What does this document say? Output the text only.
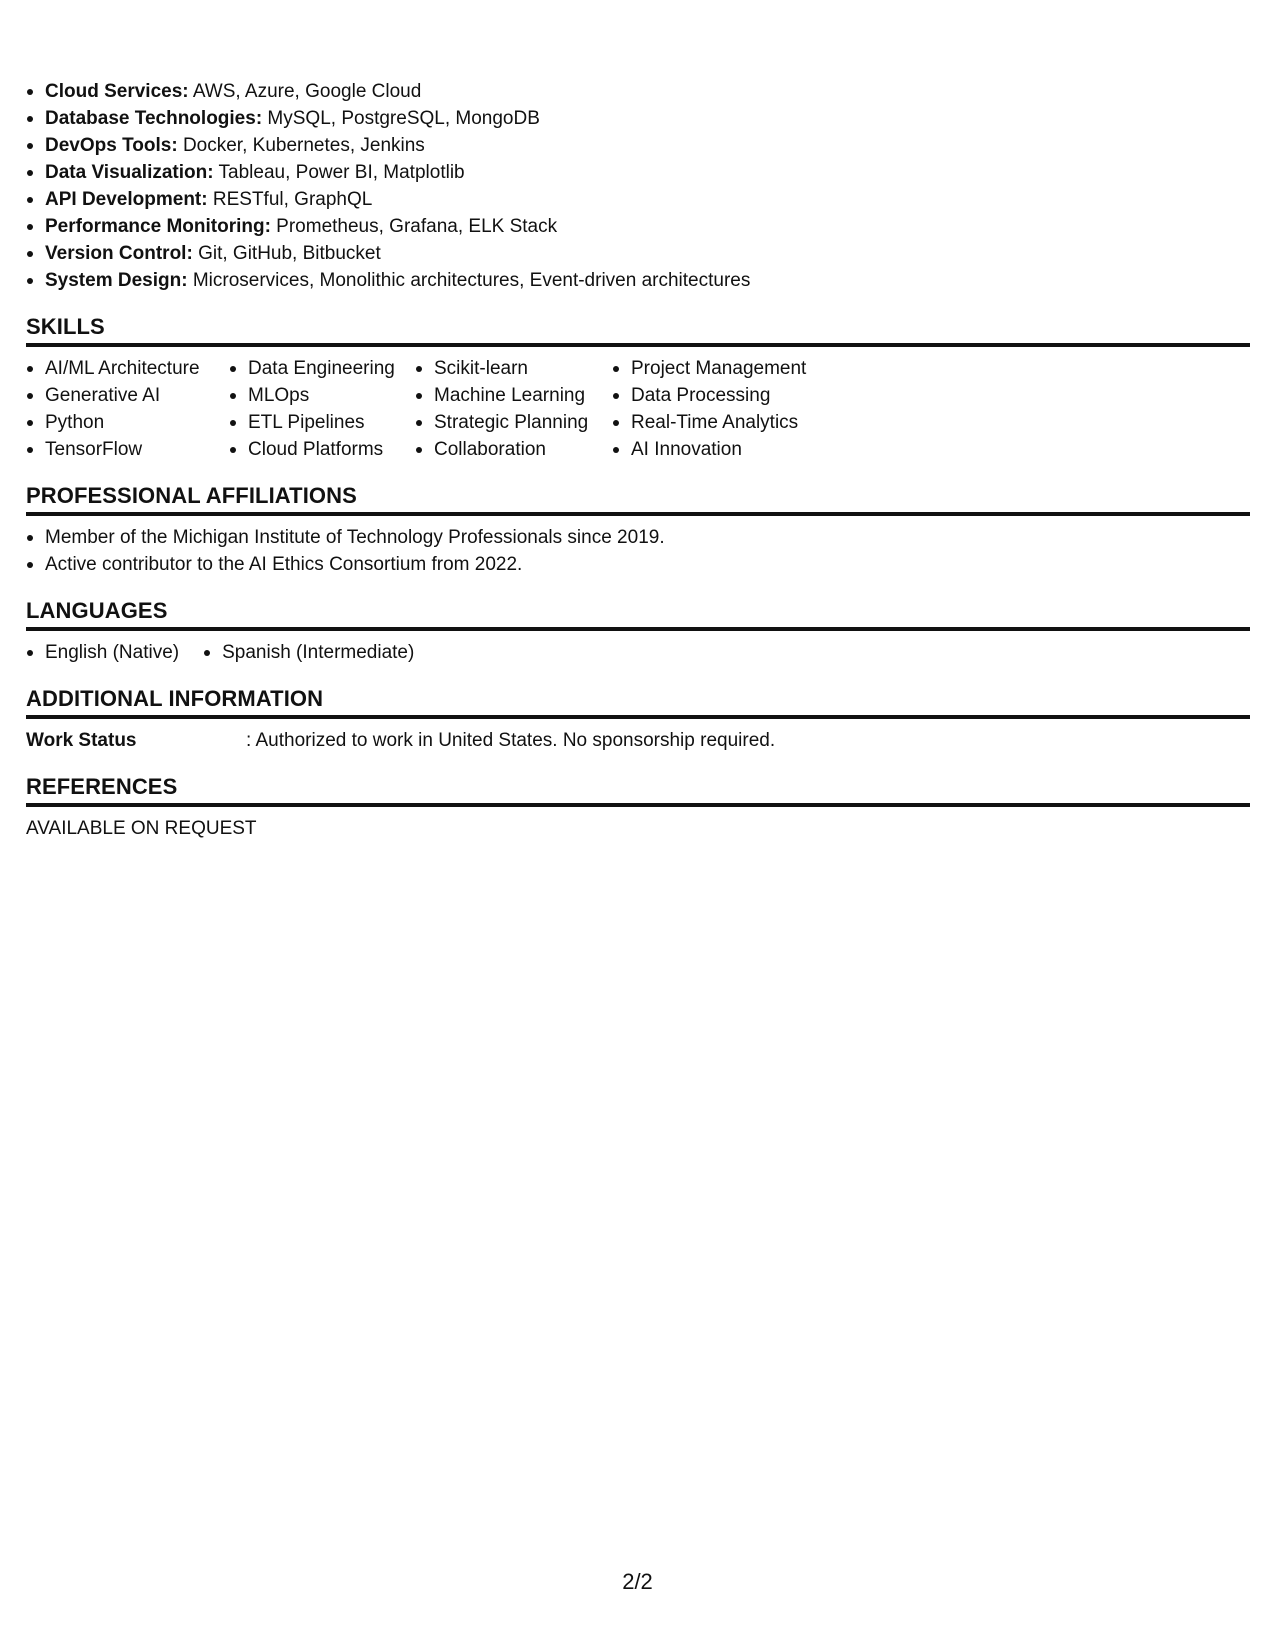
Cloud Services: AWS, Azure, Google Cloud
Database Technologies: MySQL, PostgreSQL, MongoDB
DevOps Tools: Docker, Kubernetes, Jenkins
Data Visualization: Tableau, Power BI, Matplotlib
API Development: RESTful, GraphQL
Performance Monitoring: Prometheus, Grafana, ELK Stack
Version Control: Git, GitHub, Bitbucket
System Design: Microservices, Monolithic architectures, Event-driven architectures
SKILLS
AI/ML Architecture
Generative AI
Python
TensorFlow
Data Engineering
MLOps
ETL Pipelines
Cloud Platforms
Scikit-learn
Machine Learning
Strategic Planning
Collaboration
Project Management
Data Processing
Real-Time Analytics
AI Innovation
PROFESSIONAL AFFILIATIONS
Member of the Michigan Institute of Technology Professionals since 2019.
Active contributor to the AI Ethics Consortium from 2022.
LANGUAGES
English (Native)	Spanish (Intermediate)
ADDITIONAL INFORMATION
Work Status	: Authorized to work in United States. No sponsorship required.
REFERENCES
AVAILABLE ON REQUEST
2/2
